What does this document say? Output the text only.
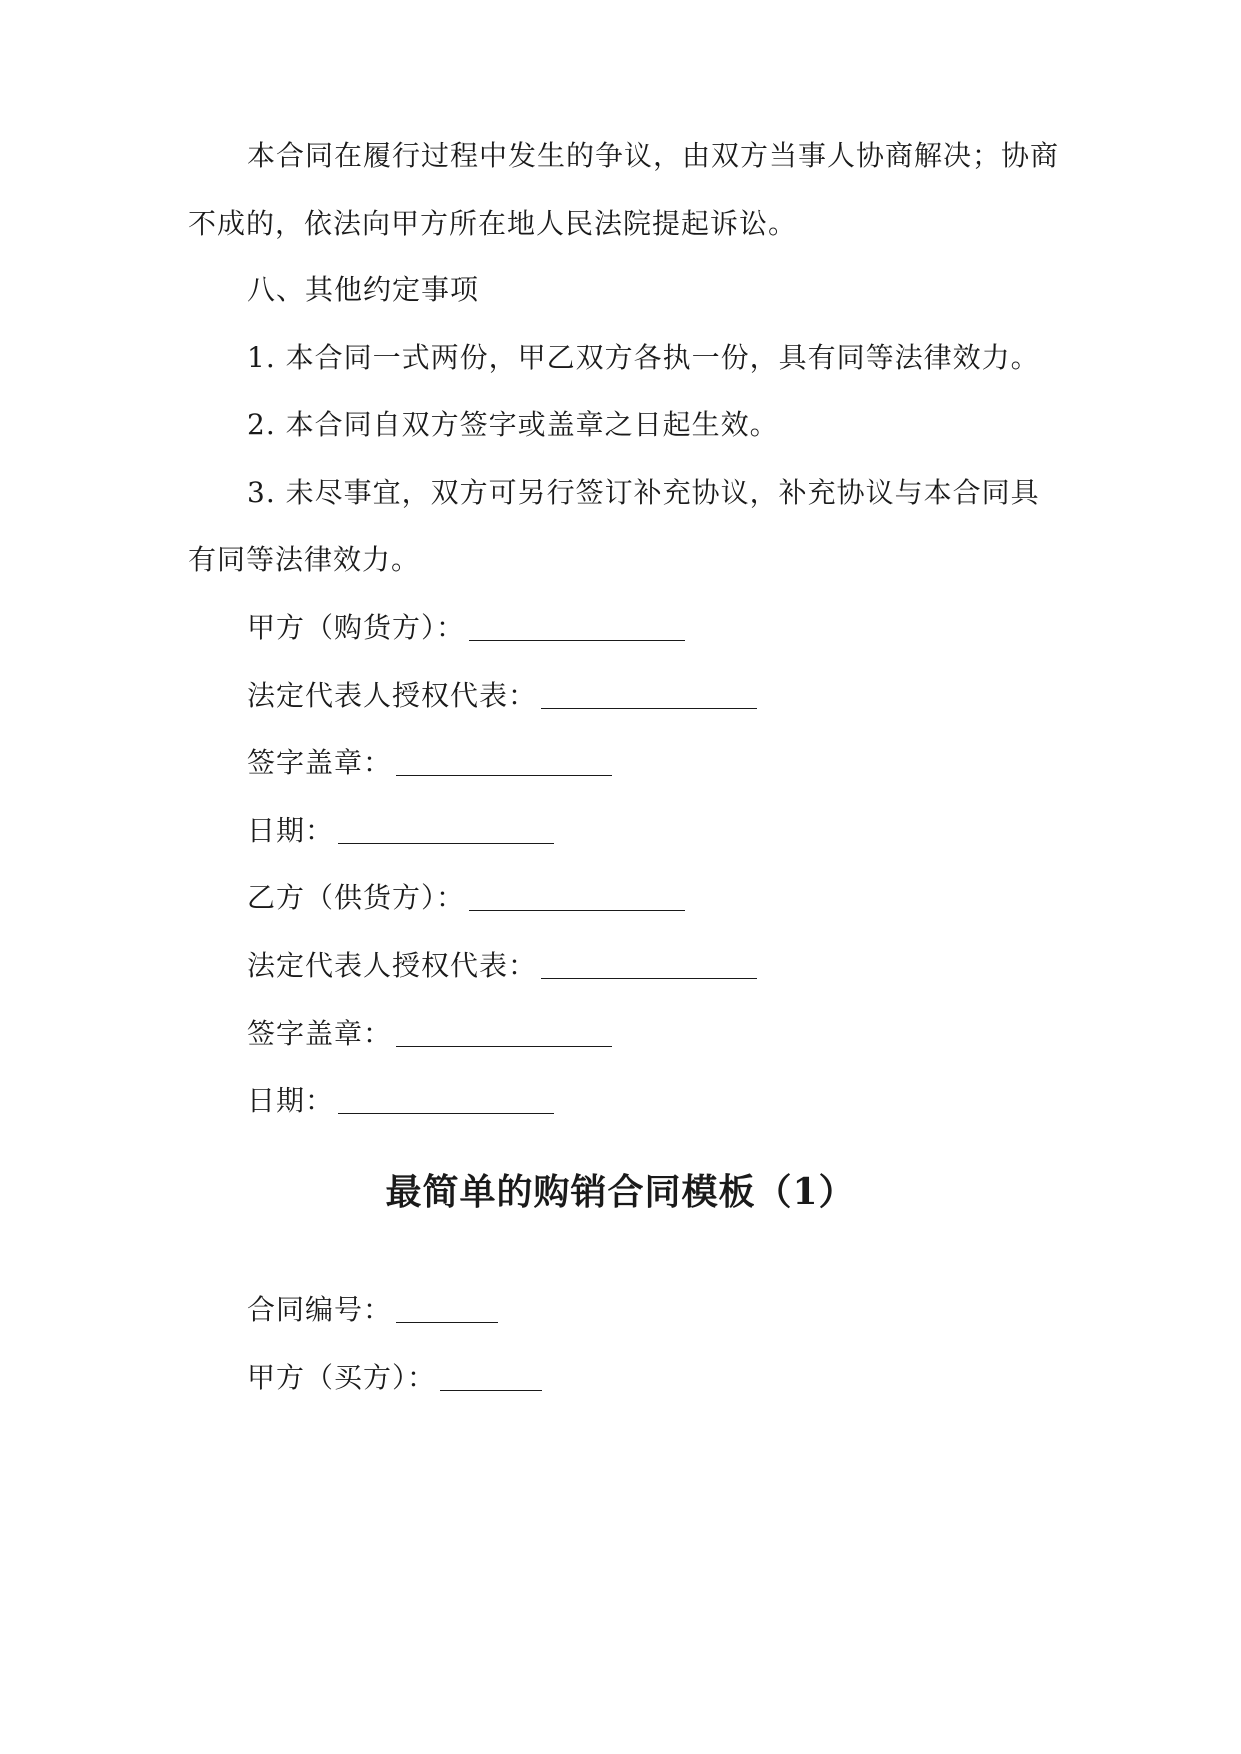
本合同在履行过程中发生的争议，由双方当事人协商解决；协商
不成的，依法向甲方所在地人民法院提起诉讼。
八、其他约定事项
1. 本合同一式两份，甲乙双方各执一份，具有同等法律效力。
2. 本合同自双方签字或盖章之日起生效。
3. 未尽事宜，双方可另行签订补充协议，补充协议与本合同具
有同等法律效力。
甲方（购货方）：
法定代表人授权代表：
签字盖章：
日期：
乙方（供货方）：
法定代表人授权代表：
签字盖章：
日期：
最简单的购销合同模板（1）
合同编号：
甲方（买方）：
